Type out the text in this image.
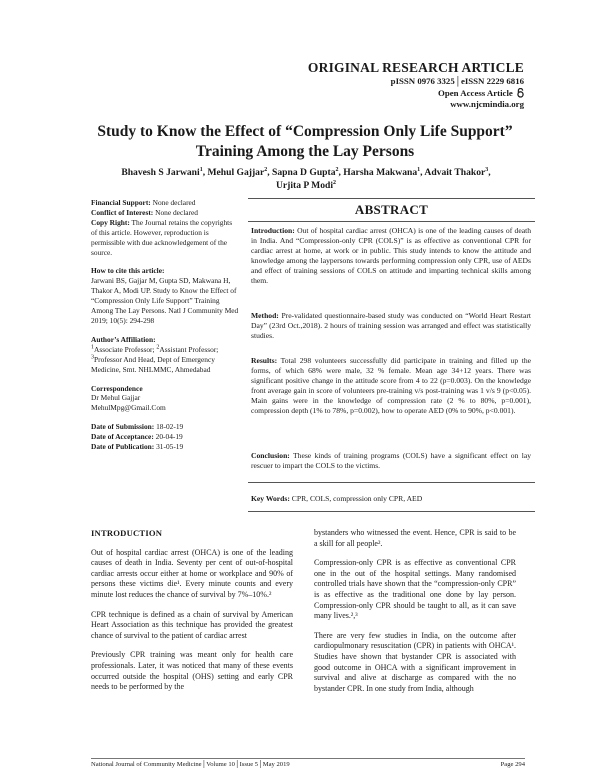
ORIGINAL RESEARCH ARTICLE
pISSN 0976 3325│eISSN 2229 6816
Open Access Article
www.njcmindia.org
Study to Know the Effect of “Compression Only Life Support”
Training Among the Lay Persons
Bhavesh S Jarwani$^1$, Mehul Gajjar$^2$, Sapna D Gupta$^2$, Harsha Makwana$^1$, Advait Thakor$^3$,
Urjita P Modi$^2$

Financial Support: None declared

Conflict of Interest: None declared

Copy Right: The Journal retains the copyrights of this article. However, reproduction is permissible with due acknowledgement of the source.

How to cite this article:

Jarwani BS, Gajjar M, Gupta SD, Makwana H, Thakor A, Modi UP. Study to Know the Effect of “Compression Only Life Support” Training Among The Lay Persons. Natl J Community Med 2019; 10(5): 294-298

Author’s Affiliation:

$^1$Associate Professor; $^2$Assistant Professor; $^3$Professor And Head, Dept of Emergency Medicine, Smt. NHLMMC, Ahmedabad

Correspondence

Dr Mehul Gajjar

MehulMpg@Gmail.Com

Date of Submission: 18-02-19

Date of Acceptance: 20-04-19

Date of Publication: 31-05-19

ABSTRACT

Introduction: Out of hospital cardiac arrest (OHCA) is one of the leading causes of death in India. And “Compression-only CPR (COLS)” is as effective as conventional CPR for cardiac arrest at home, at work or in public. This study intends to know the attitude and knowledge among the laypersons towards performing compression only CPR, use of AEDs and effect of training sessions of COLS on attitude and imparting technical skills among them.

Method: Pre-validated questionnaire-based study was conducted on “World Heart Restart Day” (23rd Oct.,2018). 2 hours of training session was arranged and effect was statistically studies.

Results: Total 298 volunteers successfully did participate in training and filled up the forms, of which 68% were male, 32 % female. Mean age 34+12 years. There was significant positive change in the attitude score from 4 to 22 (p=0.003). On the knowledge front average gain in score of volunteers pre-training v/s post-training was 1 v/s 9 (p<0.05). Main gains were in the knowledge of compression rate (2 % to 80%, p=0.001), compression depth (1% to 78%, p=0.002), how to operate AED (0% to 90%, p<0.001).

Conclusion: These kinds of training programs (COLS) have a significant effect on lay rescuer to impart the COLS to the victims.

Key Words: CPR, COLS, compression only CPR, AED

INTRODUCTION

Out of hospital cardiac arrest (OHCA) is one of the leading causes of death in India. Seventy per cent of out-of-hospital cardiac arrests occur either at home or workplace and 90% of persons these victims die¹. Every minute counts and every minute lost reduces the chance of survival by 7%–10%.²

CPR technique is defined as a chain of survival by American Heart Association as this technique has provided the greatest chance of survival to the patient of cardiac arrest

Previously CPR training was meant only for health care professionals. Later, it was noticed that many of these events occurred outside the hospital (OHS) setting and early CPR needs to be performed by the

bystanders who witnessed the event. Hence, CPR is said to be a skill for all people².

Compression-only CPR is as effective as conventional CPR one in the out of the hospital settings. Many randomised controlled trials have shown that the “compression-only CPR” is as effective as the traditional one done by lay person. Compression-only CPR should be taught to all, as it can save many lives.²,³

There are very few studies in India, on the outcome after cardiopulmonary resuscitation (CPR) in patients with OHCA¹. Studies have shown that bystander CPR is associated with good outcome in OHCA with a significant improvement in survival and alive at discharge as compared with the no bystander CPR. In one study from India, although

National Journal of Community Medicine│Volume 10│Issue 5│May 2019	Page 294
